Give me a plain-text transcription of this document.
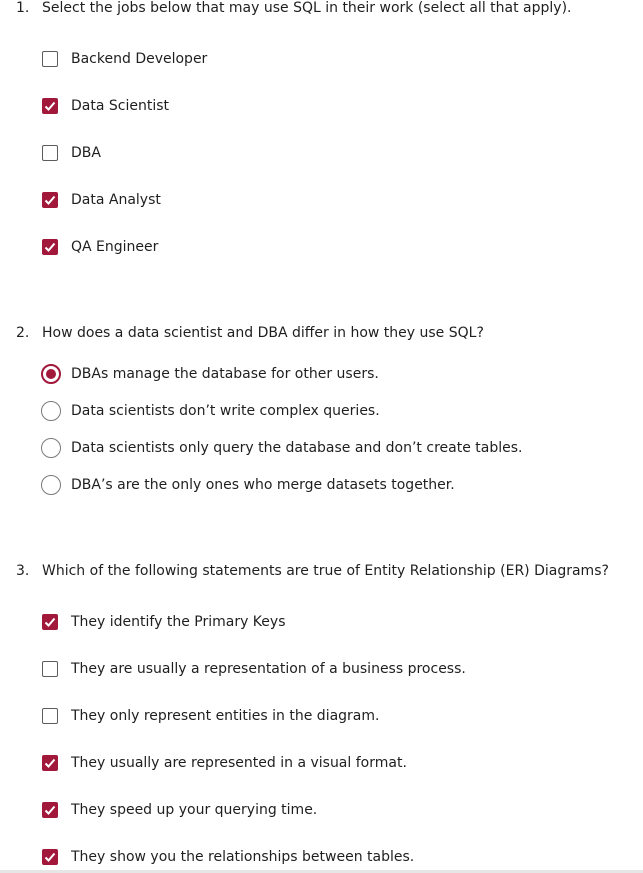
1. Select the jobs below that may use SQL in their work (select all that apply).
Backend Developer
Data Scientist
DBA
Data Analyst
QA Engineer
2. How does a data scientist and DBA differ in how they use SQL?
DBAs manage the database for other users.
Data scientists don’t write complex queries.
Data scientists only query the database and don’t create tables.
DBA’s are the only ones who merge datasets together.
3. Which of the following statements are true of Entity Relationship (ER) Diagrams?
They identify the Primary Keys
They are usually a representation of a business process.
They only represent entities in the diagram.
They usually are represented in a visual format.
They speed up your querying time.
They show you the relationships between tables.
